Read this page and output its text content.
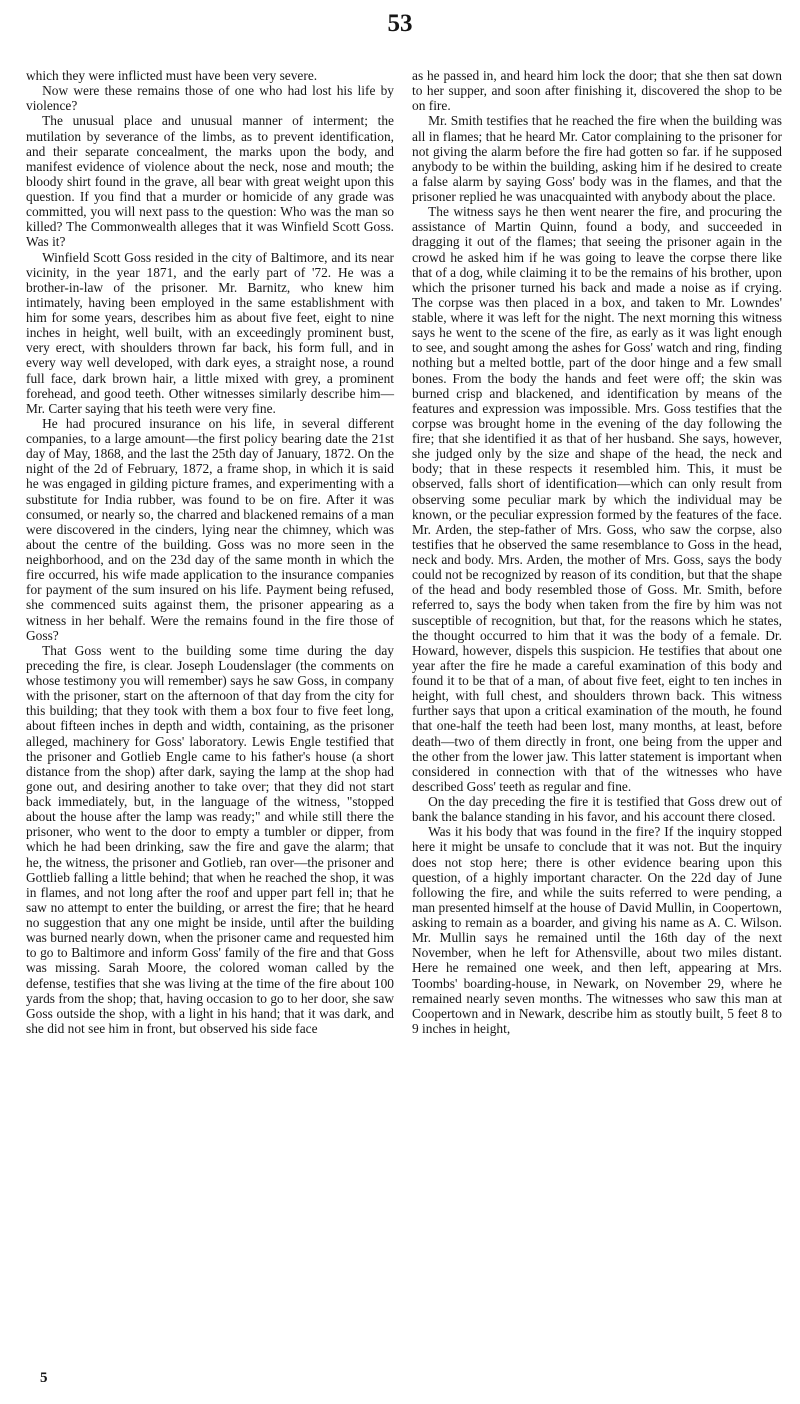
53

which they were inflicted must have been very severe.

Now were these remains those of one who had lost his life by violence?

The unusual place and unusual manner of interment; the mutilation by severance of the limbs, as to prevent identification, and their separate concealment, the marks upon the body, and manifest evidence of violence about the neck, nose and mouth; the bloody shirt found in the grave, all bear with great weight upon this question. If you find that a murder or homicide of any grade was committed, you will next pass to the question: Who was the man so killed? The Commonwealth alleges that it was Winfield Scott Goss. Was it?

Winfield Scott Goss resided in the city of Baltimore, and its near vicinity, in the year 1871, and the early part of '72. He was a brother-in-law of the prisoner. Mr. Barnitz, who knew him intimately, having been employed in the same establishment with him for some years, describes him as about five feet, eight to nine inches in height, well built, with an exceedingly prominent bust, very erect, with shoulders thrown far back, his form full, and in every way well developed, with dark eyes, a straight nose, a round full face, dark brown hair, a little mixed with grey, a prominent forehead, and good teeth. Other witnesses similarly describe him—Mr. Carter saying that his teeth were very fine.

He had procured insurance on his life, in several different companies, to a large amount—the first policy bearing date the 21st day of May, 1868, and the last the 25th day of January, 1872. On the night of the 2d of February, 1872, a frame shop, in which it is said he was engaged in gilding picture frames, and experimenting with a substitute for India rubber, was found to be on fire. After it was consumed, or nearly so, the charred and blackened remains of a man were discovered in the cinders, lying near the chimney, which was about the centre of the building. Goss was no more seen in the neighborhood, and on the 23d day of the same month in which the fire occurred, his wife made application to the insurance companies for payment of the sum insured on his life. Payment being refused, she commenced suits against them, the prisoner appearing as a witness in her behalf. Were the remains found in the fire those of Goss?

That Goss went to the building some time during the day preceding the fire, is clear. Joseph Loudenslager (the comments on whose testimony you will remember) says he saw Goss, in company with the prisoner, start on the afternoon of that day from the city for this building; that they took with them a box four to five feet long, about fifteen inches in depth and width, containing, as the prisoner alleged, machinery for Goss' laboratory. Lewis Engle testified that the prisoner and Gotlieb Engle came to his father's house (a short distance from the shop) after dark, saying the lamp at the shop had gone out, and desiring another to take over; that they did not start back immediately, but, in the language of the witness, "stopped about the house after the lamp was ready;" and while still there the prisoner, who went to the door to empty a tumbler or dipper, from which he had been drinking, saw the fire and gave the alarm; that he, the witness, the prisoner and Gotlieb, ran over—the prisoner and Gottlieb falling a little behind; that when he reached the shop, it was in flames, and not long after the roof and upper part fell in; that he saw no attempt to enter the building, or arrest the fire; that he heard no suggestion that any one might be inside, until after the building was burned nearly down, when the prisoner came and requested him to go to Baltimore and inform Goss' family of the fire and that Goss was missing. Sarah Moore, the colored woman called by the defense, testifies that she was living at the time of the fire about 100 yards from the shop; that, having occasion to go to her door, she saw Goss outside the shop, with a light in his hand; that it was dark, and she did not see him in front, but observed his side face

as he passed in, and heard him lock the door; that she then sat down to her supper, and soon after finishing it, discovered the shop to be on fire.

Mr. Smith testifies that he reached the fire when the building was all in flames; that he heard Mr. Cator complaining to the prisoner for not giving the alarm before the fire had gotten so far. if he supposed anybody to be within the building, asking him if he desired to create a false alarm by saying Goss' body was in the flames, and that the prisoner replied he was unacquainted with anybody about the place.

The witness says he then went nearer the fire, and procuring the assistance of Martin Quinn, found a body, and succeeded in dragging it out of the flames; that seeing the prisoner again in the crowd he asked him if he was going to leave the corpse there like that of a dog, while claiming it to be the remains of his brother, upon which the prisoner turned his back and made a noise as if crying. The corpse was then placed in a box, and taken to Mr. Lowndes' stable, where it was left for the night. The next morning this witness says he went to the scene of the fire, as early as it was light enough to see, and sought among the ashes for Goss' watch and ring, finding nothing but a melted bottle, part of the door hinge and a few small bones. From the body the hands and feet were off; the skin was burned crisp and blackened, and identification by means of the features and expression was impossible. Mrs. Goss testifies that the corpse was brought home in the evening of the day following the fire; that she identified it as that of her husband. She says, however, she judged only by the size and shape of the head, the neck and body; that in these respects it resembled him. This, it must be observed, falls short of identification—which can only result from observing some peculiar mark by which the individual may be known, or the peculiar expression formed by the features of the face. Mr. Arden, the step-father of Mrs. Goss, who saw the corpse, also testifies that he observed the same resemblance to Goss in the head, neck and body. Mrs. Arden, the mother of Mrs. Goss, says the body could not be recognized by reason of its condition, but that the shape of the head and body resembled those of Goss. Mr. Smith, before referred to, says the body when taken from the fire by him was not susceptible of recognition, but that, for the reasons which he states, the thought occurred to him that it was the body of a female. Dr. Howard, however, dispels this suspicion. He testifies that about one year after the fire he made a careful examination of this body and found it to be that of a man, of about five feet, eight to ten inches in height, with full chest, and shoulders thrown back. This witness further says that upon a critical examination of the mouth, he found that one-half the teeth had been lost, many months, at least, before death—two of them directly in front, one being from the upper and the other from the lower jaw. This latter statement is important when considered in connection with that of the witnesses who have described Goss' teeth as regular and fine.

On the day preceding the fire it is testified that Goss drew out of bank the balance standing in his favor, and his account there closed.

Was it his body that was found in the fire? If the inquiry stopped here it might be unsafe to conclude that it was not. But the inquiry does not stop here; there is other evidence bearing upon this question, of a highly important character. On the 22d day of June following the fire, and while the suits referred to were pending, a man presented himself at the house of David Mullin, in Coopertown, asking to remain as a boarder, and giving his name as A. C. Wilson. Mr. Mullin says he remained until the 16th day of the next November, when he left for Athensville, about two miles distant. Here he remained one week, and then left, appearing at Mrs. Toombs' boarding-house, in Newark, on November 29, where he remained nearly seven months. The witnesses who saw this man at Coopertown and in Newark, describe him as stoutly built, 5 feet 8 to 9 inches in height,

5
